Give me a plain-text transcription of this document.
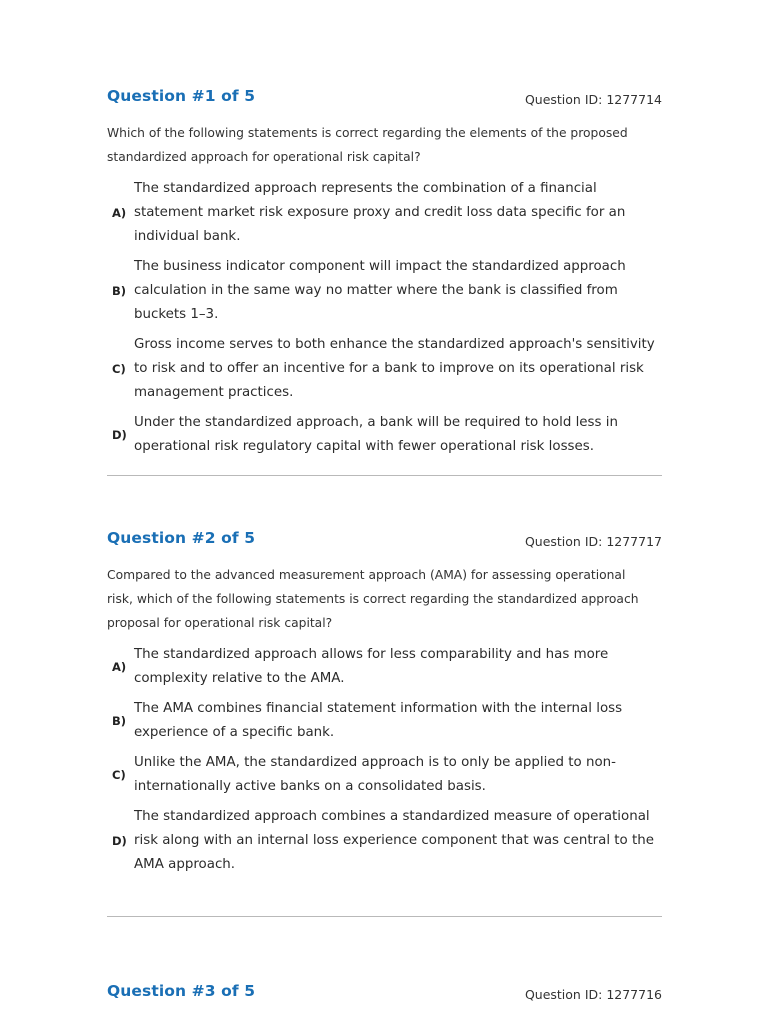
Question #1 of 5	Question ID: 1277714
Which of the following statements is correct regarding the elements of the proposed standardized approach for operational risk capital?
A)
The standardized approach represents the combination of a financial statement market risk exposure proxy and credit loss data specific for an individual bank.
B)
The business indicator component will impact the standardized approach calculation in the same way no matter where the bank is classified from buckets 1–3.
C)
Gross income serves to both enhance the standardized approach's sensitivity to risk and to offer an incentive for a bank to improve on its operational risk management practices.
D)
Under the standardized approach, a bank will be required to hold less in operational risk regulatory capital with fewer operational risk losses.
Question #2 of 5	Question ID: 1277717
Compared to the advanced measurement approach (AMA) for assessing operational risk, which of the following statements is correct regarding the standardized approach proposal for operational risk capital?
A)
The standardized approach allows for less comparability and has more complexity relative to the AMA.
B)
The AMA combines financial statement information with the internal loss experience of a specific bank.
C)
Unlike the AMA, the standardized approach is to only be applied to non-internationally active banks on a consolidated basis.
D)
The standardized approach combines a standardized measure of operational risk along with an internal loss experience component that was central to the AMA approach.
Question #3 of 5	Question ID: 1277716
